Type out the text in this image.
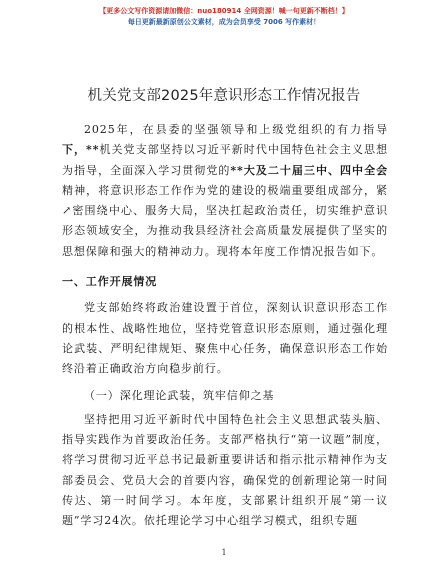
【更多公文写作资源请加微信：nuo180914 全网资源！喊一句更新不断档！】
每日更新最新原创公文素材，成为会员享受 7006 写作素材！
机关党支部2025年意识形态工作情况报告

2025年，在县委的坚强领导和上级党组织的有力指导下，**机关党支部坚持以习近平新时代中国特色社会主义思想为指导，全面深入学习贯彻党的**大及二十届三中、四中全会精神，将意识形态工作作为党的建设的极端重要组成部分，紧↗密围绕中心、服务大局，坚决扛起政治责任，切实维护意识形态领域安全，为推动我县经济社会高质量发展提供了坚实的思想保障和强大的精神动力。现将本年度工作情况报告如下。

一、工作开展情况

党支部始终将政治建设置于首位，深刻认识意识形态工作的根本性、战略性地位，坚持党管意识形态原则，通过强化理论武装、严明纪律规矩、聚焦中心任务，确保意识形态工作始终沿着正确政治方向稳步前行。

（一）深化理论武装，筑牢信仰之基

坚持把用习近平新时代中国特色社会主义思想武装头脑、指导实践作为首要政治任务。支部严格执行“第一议题”制度，将学习贯彻习近平总书记最新重要讲话和指示批示精神作为支部委员会、党员大会的首要内容，确保党的创新理论第一时间传达、第一时间学习。本年度，支部累计组织开展“第一议题”学习24次。依托理论学习中心组学习模式，组织专题

1
